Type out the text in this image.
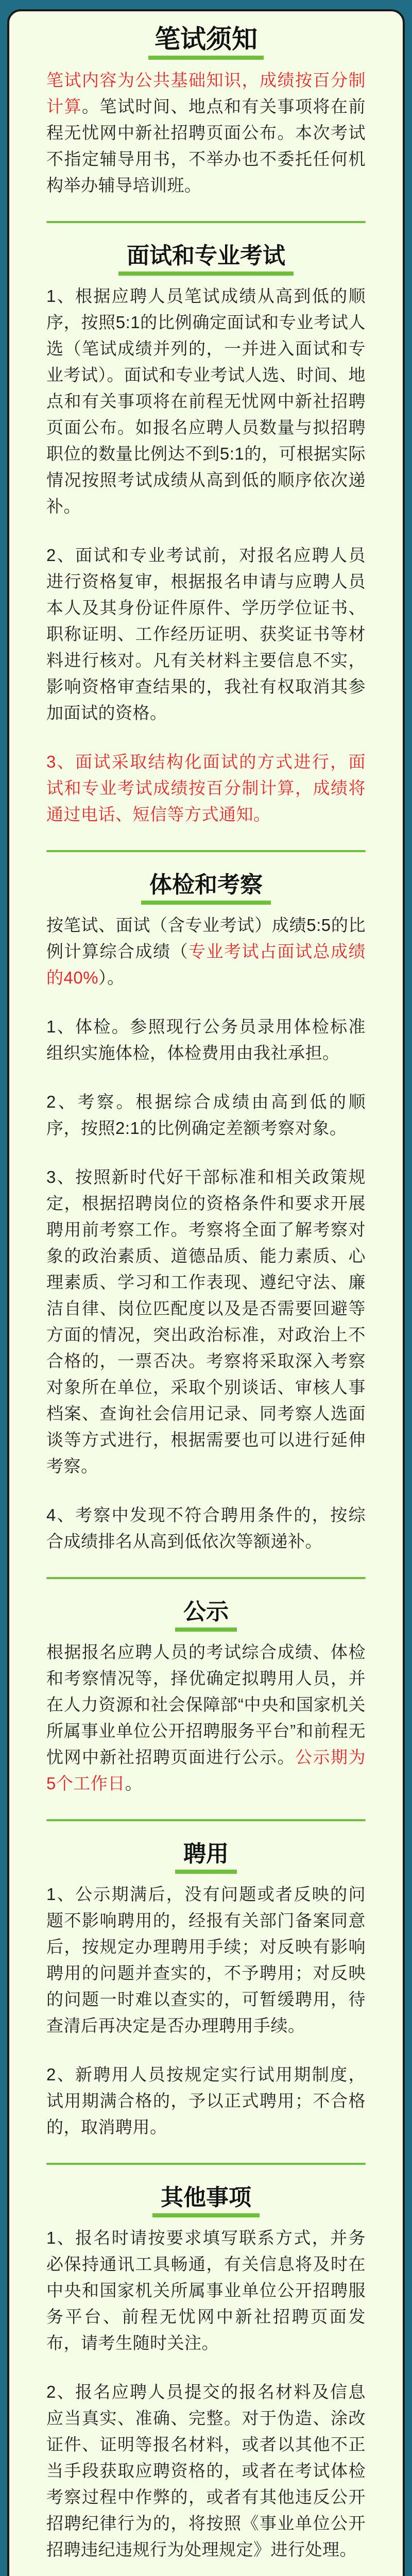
笔试须知

笔试内容为公共基础知识，成绩按百分制计算。笔试时间、地点和有关事项将在前程无忧网中新社招聘页面公布。本次考试不指定辅导用书，不举办也不委托任何机构举办辅导培训班。

面试和专业考试

1、根据应聘人员笔试成绩从高到低的顺序，按照5:1的比例确定面试和专业考试人选（笔试成绩并列的，一并进入面试和专业考试）。面试和专业考试人选、时间、地点和有关事项将在前程无忧网中新社招聘页面公布。如报名应聘人员数量与拟招聘职位的数量比例达不到5:1的，可根据实际情况按照考试成绩从高到低的顺序依次递补。

2、面试和专业考试前，对报名应聘人员进行资格复审，根据报名申请与应聘人员本人及其身份证件原件、学历学位证书、职称证明、工作经历证明、获奖证书等材料进行核对。凡有关材料主要信息不实，影响资格审查结果的，我社有权取消其参加面试的资格。

3、面试采取结构化面试的方式进行，面试和专业考试成绩按百分制计算，成绩将通过电话、短信等方式通知。

体检和考察

按笔试、面试（含专业考试）成绩5:5的比例计算综合成绩（专业考试占面试总成绩的40%）。

1、体检。参照现行公务员录用体检标准组织实施体检，体检费用由我社承担。

2、考察。根据综合成绩由高到低的顺序，按照2:1的比例确定差额考察对象。

3、按照新时代好干部标准和相关政策规定，根据招聘岗位的资格条件和要求开展聘用前考察工作。考察将全面了解考察对象的政治素质、道德品质、能力素质、心理素质、学习和工作表现、遵纪守法、廉洁自律、岗位匹配度以及是否需要回避等方面的情况，突出政治标准，对政治上不合格的，一票否决。考察将采取深入考察对象所在单位，采取个别谈话、审核人事档案、查询社会信用记录、同考察人选面谈等方式进行，根据需要也可以进行延伸考察。

4、考察中发现不符合聘用条件的，按综合成绩排名从高到低依次等额递补。

公示

根据报名应聘人员的考试综合成绩、体检和考察情况等，择优确定拟聘用人员，并在人力资源和社会保障部“中央和国家机关所属事业单位公开招聘服务平台”和前程无忧网中新社招聘页面进行公示。公示期为5个工作日。

聘用

1、公示期满后，没有问题或者反映的问题不影响聘用的，经报有关部门备案同意后，按规定办理聘用手续；对反映有影响聘用的问题并查实的，不予聘用；对反映的问题一时难以查实的，可暂缓聘用，待查清后再决定是否办理聘用手续。

2、新聘用人员按规定实行试用期制度，试用期满合格的，予以正式聘用；不合格的，取消聘用。

其他事项

1、报名时请按要求填写联系方式，并务必保持通讯工具畅通，有关信息将及时在中央和国家机关所属事业单位公开招聘服务平台、前程无忧网中新社招聘页面发布，请考生随时关注。

2、报名应聘人员提交的报名材料及信息应当真实、准确、完整。对于伪造、涂改证件、证明等报名材料，或者以其他不正当手段获取应聘资格的，或者在考试体检考察过程中作弊的，或者有其他违反公开招聘纪律行为的，将按照《事业单位公开招聘违纪违规行为处理规定》进行处理。
